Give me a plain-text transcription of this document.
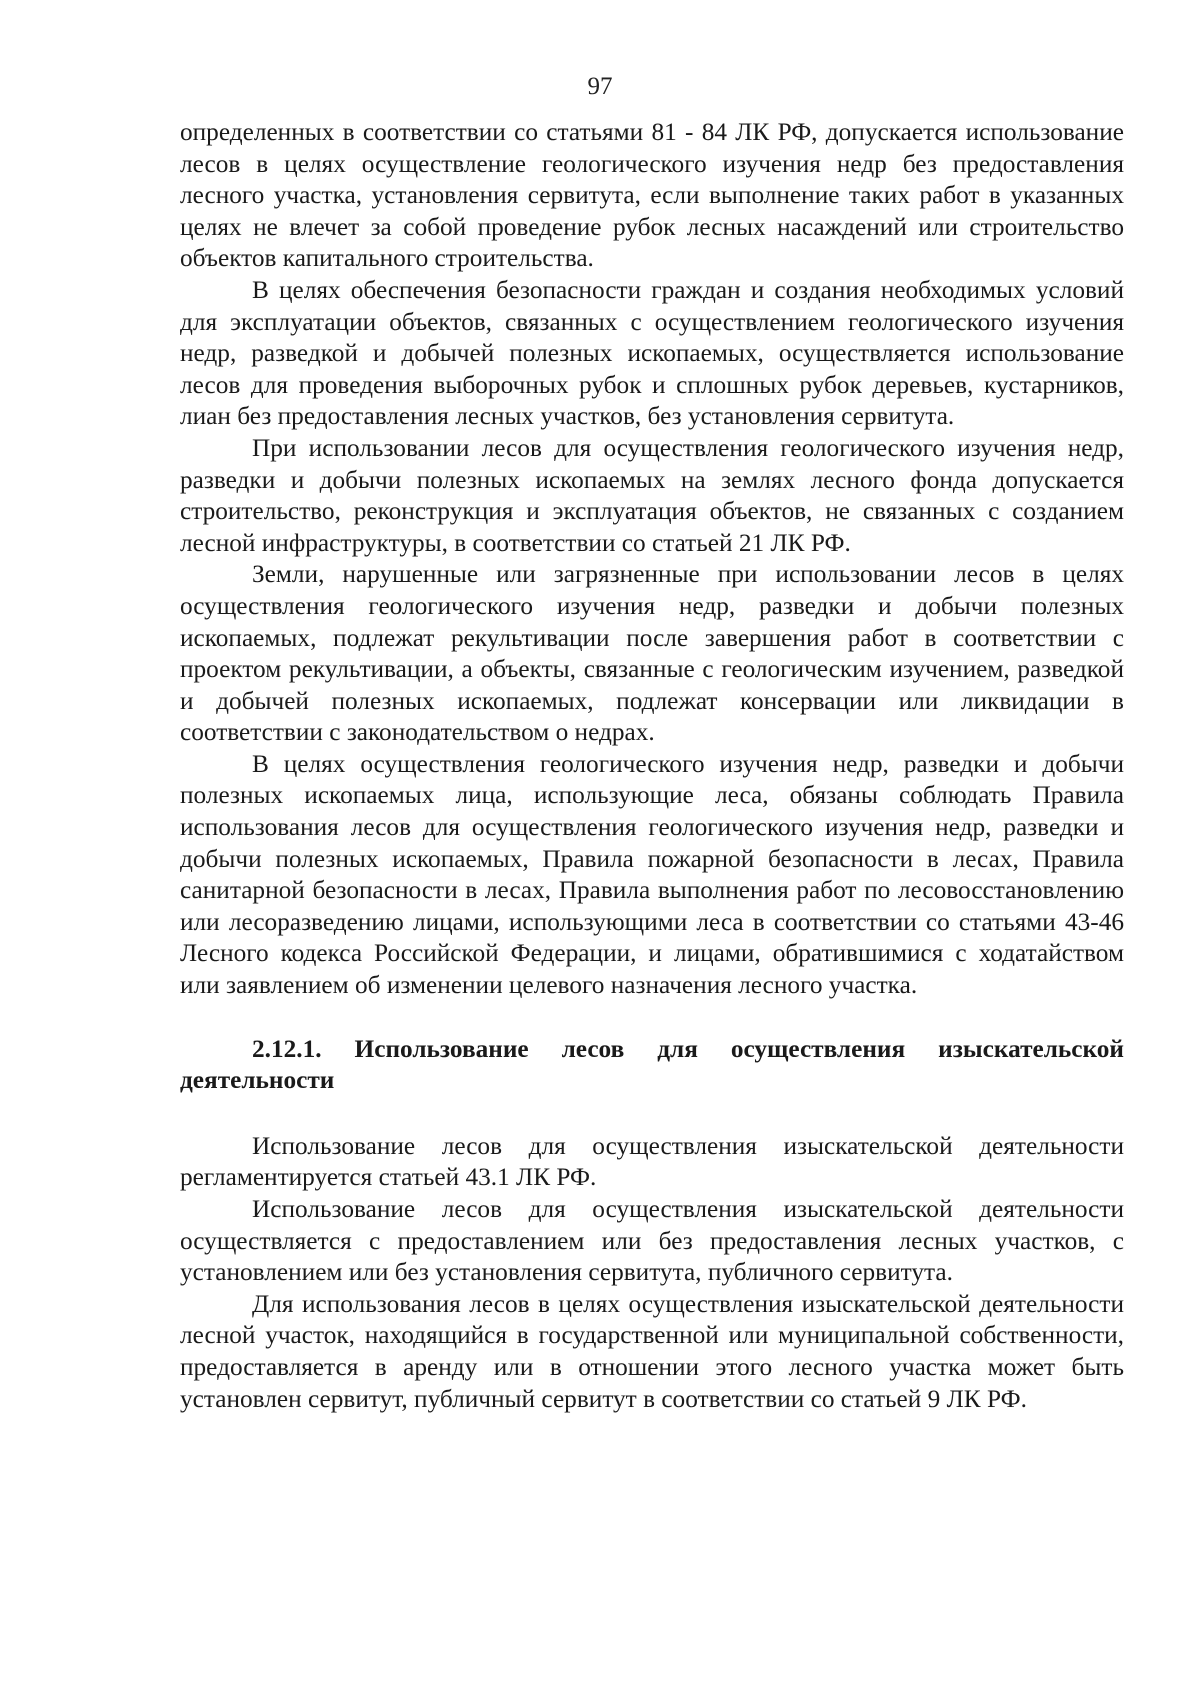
97

определенных в соответствии со статьями 81 - 84 ЛК РФ, допускается использование лесов в целях осуществление геологического изучения недр без предоставления лесного участка, установления сервитута, если выполнение таких работ в указанных целях не влечет за собой проведение рубок лесных насаждений или строительство объектов капитального строительства.

В целях обеспечения безопасности граждан и создания необходимых условий для эксплуатации объектов, связанных с осуществлением геологического изучения недр, разведкой и добычей полезных ископаемых, осуществляется использование лесов для проведения выборочных рубок и сплошных рубок деревьев, кустарников, лиан без предоставления лесных участков, без установления сервитута.

При использовании лесов для осуществления геологического изучения недр, разведки и добычи полезных ископаемых на землях лесного фонда допускается строительство, реконструкция и эксплуатация объектов, не связанных с созданием лесной инфраструктуры, в соответствии со статьей 21 ЛК РФ.

Земли, нарушенные или загрязненные при использовании лесов в целях осуществления геологического изучения недр, разведки и добычи полезных ископаемых, подлежат рекультивации после завершения работ в соответствии с проектом рекультивации, а объекты, связанные с геологическим изучением, разведкой и добычей полезных ископаемых, подлежат консервации или ликвидации в соответствии с законодательством о недрах.

В целях осуществления геологического изучения недр, разведки и добычи полезных ископаемых лица, использующие леса, обязаны соблюдать Правила использования лесов для осуществления геологического изучения недр, разведки и добычи полезных ископаемых, Правила пожарной безопасности в лесах, Правила санитарной безопасности в лесах, Правила выполнения работ по лесовосстановлению или лесоразведению лицами, использующими леса в соответствии со статьями 43-46 Лесного кодекса Российской Федерации, и лицами, обратившимися с ходатайством или заявлением об изменении целевого назначения лесного участка.

2.12.1. Использование лесов для осуществления изыскательской деятельности

Использование лесов для осуществления изыскательской деятельности регламентируется статьей 43.1 ЛК РФ.

Использование лесов для осуществления изыскательской деятельности осуществляется с предоставлением или без предоставления лесных участков, с установлением или без установления сервитута, публичного сервитута.

Для использования лесов в целях осуществления изыскательской деятельности лесной участок, находящийся в государственной или муниципальной собственности, предоставляется в аренду или в отношении этого лесного участка может быть установлен сервитут, публичный сервитут в соответствии со статьей 9 ЛК РФ.
